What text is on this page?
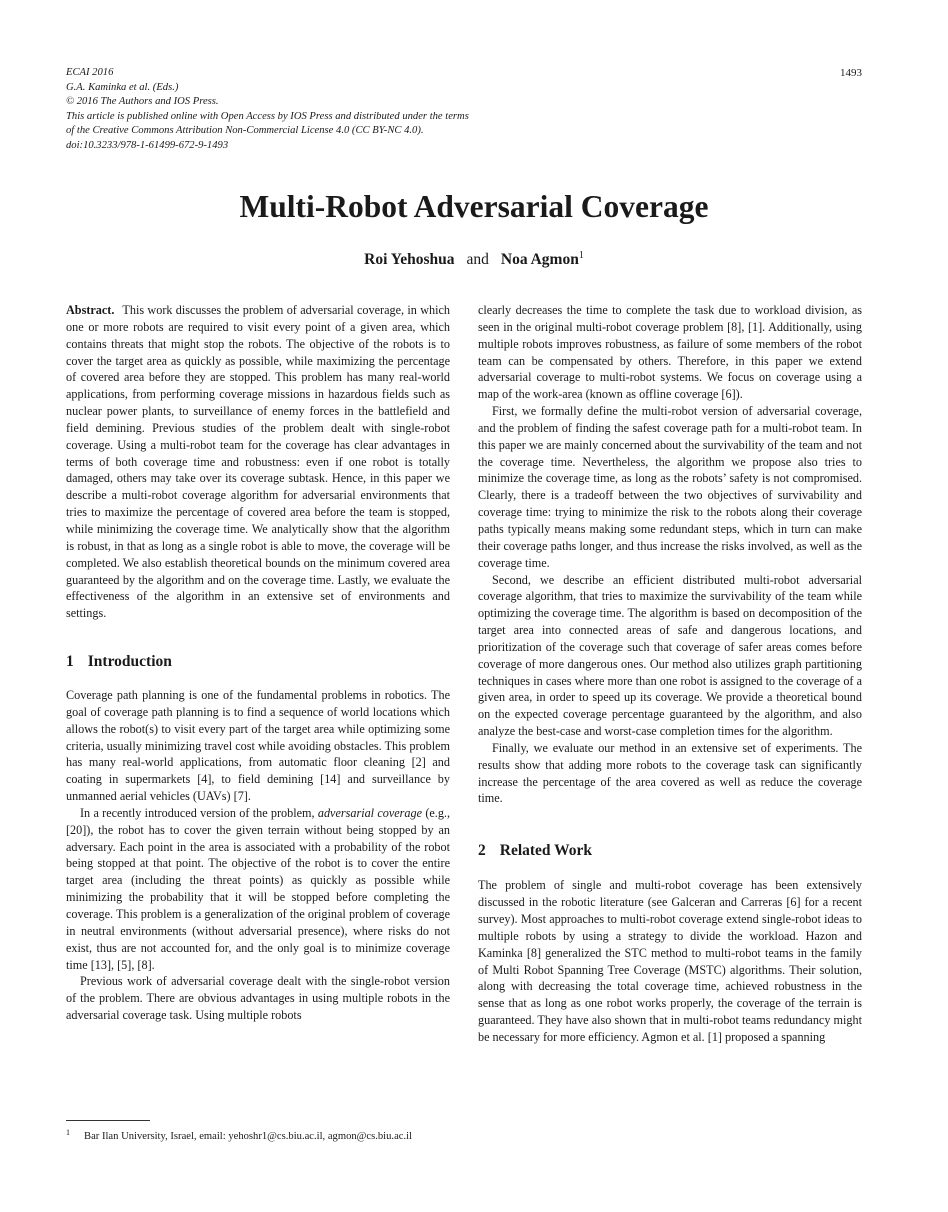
ECAI 2016
G.A. Kaminka et al. (Eds.)
© 2016 The Authors and IOS Press.
This article is published online with Open Access by IOS Press and distributed under the terms
of the Creative Commons Attribution Non-Commercial License 4.0 (CC BY-NC 4.0).
doi:10.3233/978-1-61499-672-9-1493
1493
Multi-Robot Adversarial Coverage
Roi Yehoshua and Noa Agmon$^1$

Abstract. This work discusses the problem of adversarial coverage, in which one or more robots are required to visit every point of a given area, which contains threats that might stop the robots. The objective of the robots is to cover the target area as quickly as possible, while maximizing the percentage of covered area before they are stopped. This problem has many real-world applications, from performing coverage missions in hazardous fields such as nuclear power plants, to surveillance of enemy forces in the battlefield and field demining. Previous studies of the problem dealt with single-robot coverage. Using a multi-robot team for the coverage has clear advantages in terms of both coverage time and robustness: even if one robot is totally damaged, others may take over its coverage subtask. Hence, in this paper we describe a multi-robot coverage algorithm for adversarial environments that tries to maximize the percentage of covered area before the team is stopped, while minimizing the coverage time. We analytically show that the algorithm is robust, in that as long as a single robot is able to move, the coverage will be completed. We also establish theoretical bounds on the minimum covered area guaranteed by the algorithm and on the coverage time. Lastly, we evaluate the effectiveness of the algorithm in an extensive set of environments and settings.

1 Introduction

Coverage path planning is one of the fundamental problems in robotics. The goal of coverage path planning is to find a sequence of world locations which allows the robot(s) to visit every part of the target area while optimizing some criteria, usually minimizing travel cost while avoiding obstacles. This problem has many real-world applications, from automatic floor cleaning [2] and coating in supermarkets [4], to field demining [14] and surveillance by unmanned aerial vehicles (UAVs) [7].

In a recently introduced version of the problem, adversarial coverage (e.g., [20]), the robot has to cover the given terrain without being stopped by an adversary. Each point in the area is associated with a probability of the robot being stopped at that point. The objective of the robot is to cover the entire target area (including the threat points) as quickly as possible while minimizing the probability that it will be stopped before completing the coverage. This problem is a generalization of the original problem of coverage in neutral environments (without adversarial presence), where risks do not exist, thus are not accounted for, and the only goal is to minimize coverage time [13], [5], [8].

Previous work of adversarial coverage dealt with the single-robot version of the problem. There are obvious advantages in using multiple robots in the adversarial coverage task. Using multiple robots

$^1$ Bar Ilan University, Israel, email: yehoshr1@cs.biu.ac.il, agmon@cs.biu.ac.il

clearly decreases the time to complete the task due to workload division, as seen in the original multi-robot coverage problem [8], [1]. Additionally, using multiple robots improves robustness, as failure of some members of the robot team can be compensated by others. Therefore, in this paper we extend adversarial coverage to multi-robot systems. We focus on coverage using a map of the work-area (known as offline coverage [6]).

First, we formally define the multi-robot version of adversarial coverage, and the problem of finding the safest coverage path for a multi-robot team. In this paper we are mainly concerned about the survivability of the team and not the coverage time. Nevertheless, the algorithm we propose also tries to minimize the coverage time, as long as the robots’ safety is not compromised. Clearly, there is a tradeoff between the two objectives of survivability and coverage time: trying to minimize the risk to the robots along their coverage paths typically means making some redundant steps, which in turn can make their coverage paths longer, and thus increase the risks involved, as well as the coverage time.

Second, we describe an efficient distributed multi-robot adversarial coverage algorithm, that tries to maximize the survivability of the team while optimizing the coverage time. The algorithm is based on decomposition of the target area into connected areas of safe and dangerous locations, and prioritization of the coverage such that coverage of safer areas comes before coverage of more dangerous ones. Our method also utilizes graph partitioning techniques in cases where more than one robot is assigned to the coverage of a given area, in order to speed up its coverage. We provide a theoretical bound on the expected coverage percentage guaranteed by the algorithm, and also analyze the best-case and worst-case completion times for the algorithm.

Finally, we evaluate our method in an extensive set of experiments. The results show that adding more robots to the coverage task can significantly increase the percentage of the area covered as well as reduce the coverage time.

2 Related Work

The problem of single and multi-robot coverage has been extensively discussed in the robotic literature (see Galceran and Carreras [6] for a recent survey). Most approaches to multi-robot coverage extend single-robot ideas to multiple robots by using a strategy to divide the workload. Hazon and Kaminka [8] generalized the STC method to multi-robot teams in the family of Multi Robot Spanning Tree Coverage (MSTC) algorithms. Their solution, along with decreasing the total coverage time, achieved robustness in the sense that as long as one robot works properly, the coverage of the terrain is guaranteed. They have also shown that in multi-robot teams redundancy might be necessary for more efficiency. Agmon et al. [1] proposed a spanning
